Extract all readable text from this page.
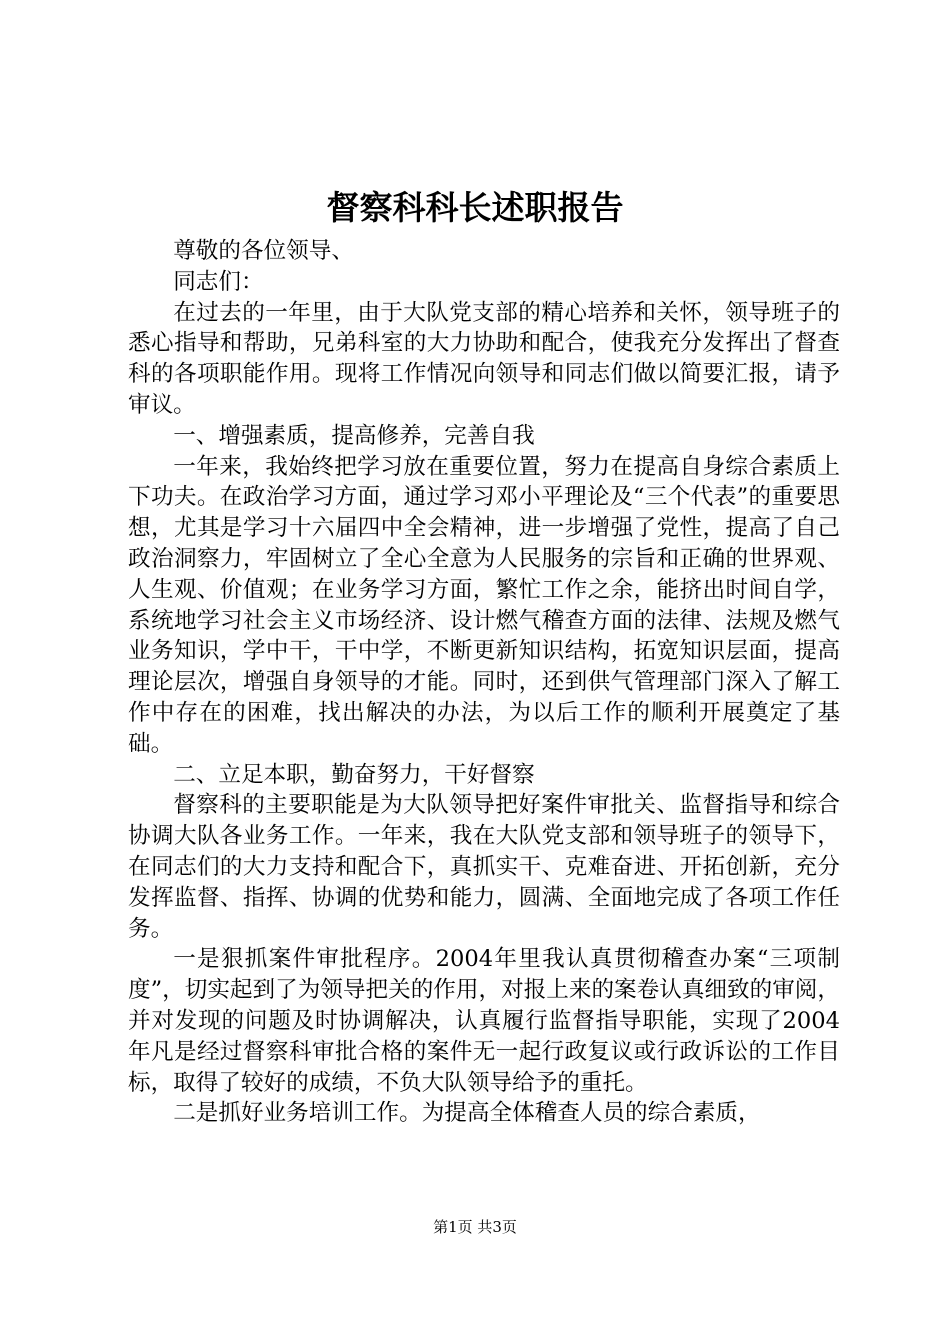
督察科科长述职报告

尊敬的各位领导、

同志们：

在过去的一年里，由于大队党支部的精心培养和关怀，领导班子的悉心指导和帮助，兄弟科室的大力协助和配合，使我充分发挥出了督查科的各项职能作用。现将工作情况向领导和同志们做以简要汇报，请予审议。

一、增强素质，提高修养，完善自我

一年来，我始终把学习放在重要位置，努力在提高自身综合素质上下功夫。在政治学习方面，通过学习邓小平理论及“三个代表”的重要思想，尤其是学习十六届四中全会精神，进一步增强了党性，提高了自己政治洞察力，牢固树立了全心全意为人民服务的宗旨和正确的世界观、人生观、价值观；在业务学习方面，繁忙工作之余，能挤出时间自学，系统地学习社会主义市场经济、设计燃气稽查方面的法律、法规及燃气业务知识，学中干，干中学，不断更新知识结构，拓宽知识层面，提高理论层次，增强自身领导的才能。同时，还到供气管理部门深入了解工作中存在的困难，找出解决的办法，为以后工作的顺利开展奠定了基础。

二、立足本职，勤奋努力，干好督察

督察科的主要职能是为大队领导把好案件审批关、监督指导和综合协调大队各业务工作。一年来，我在大队党支部和领导班子的领导下，在同志们的大力支持和配合下，真抓实干、克难奋进、开拓创新，充分发挥监督、指挥、协调的优势和能力，圆满、全面地完成了各项工作任务。

一是狠抓案件审批程序。2004年里我认真贯彻稽查办案“三项制度”，切实起到了为领导把关的作用，对报上来的案卷认真细致的审阅，并对发现的问题及时协调解决，认真履行监督指导职能，实现了2004年凡是经过督察科审批合格的案件无一起行政复议或行政诉讼的工作目标，取得了较好的成绩，不负大队领导给予的重托。

二是抓好业务培训工作。为提高全体稽查人员的综合素质，

第1页 共3页
